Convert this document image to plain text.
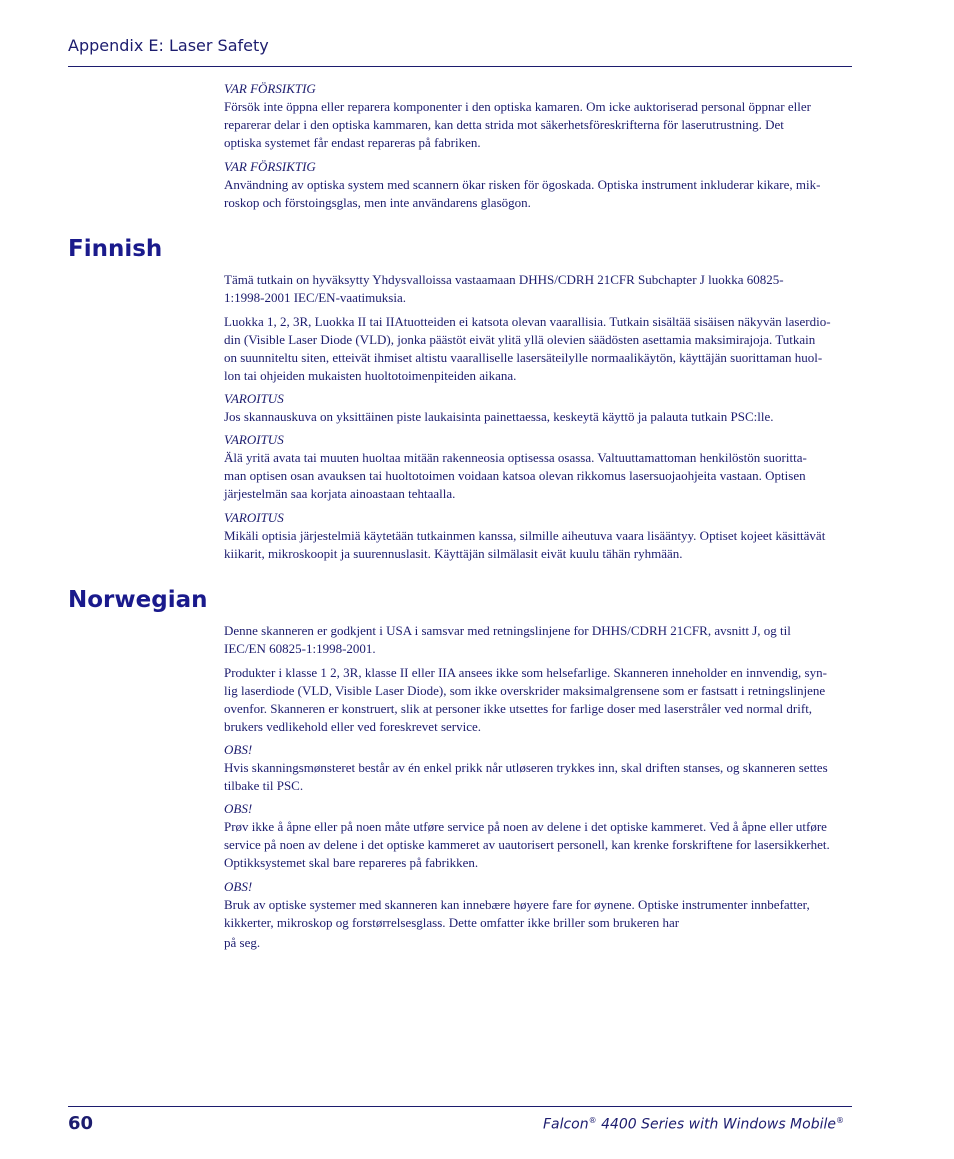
Appendix E: Laser Safety

VAR FÖRSIKTIG

Försök inte öppna eller reparera komponenter i den optiska kamaren. Om icke auktoriserad personal öppnar eller

reparerar delar i den optiska kammaren, kan detta strida mot säkerhetsföreskrifterna för laserutrustning. Det

optiska systemet får endast repareras på fabriken.

VAR FÖRSIKTIG

Användning av optiska system med scannern ökar risken för ögoskada. Optiska instrument inkluderar kikare, mik-

roskop och förstoingsglas, men inte användarens glasögon.

Finnish

Tämä tutkain on hyväksytty Yhdysvalloissa vastaamaan DHHS/CDRH 21CFR Subchapter J luokka 60825-

1:1998-2001 IEC/EN-vaatimuksia.

Luokka 1, 2, 3R, Luokka II tai IIAtuotteiden ei katsota olevan vaarallisia. Tutkain sisältää sisäisen näkyvän laserdio-

din (Visible Laser Diode (VLD), jonka päästöt eivät ylitä yllä olevien säädösten asettamia maksimirajoja. Tutkain

on suunniteltu siten, etteivät ihmiset altistu vaaralliselle lasersäteilylle normaalikäytön, käyttäjän suorittaman huol-

lon tai ohjeiden mukaisten huoltotoimenpiteiden aikana.

VAROITUS

Jos skannauskuva on yksittäinen piste laukaisinta painettaessa, keskeytä käyttö ja palauta tutkain PSC:lle.

VAROITUS

Älä yritä avata tai muuten huoltaa mitään rakenneosia optisessa osassa. Valtuuttamattoman henkilöstön suoritta-

man optisen osan avauksen tai huoltotoimen voidaan katsoa olevan rikkomus lasersuojaohjeita vastaan. Optisen

järjestelmän saa korjata ainoastaan tehtaalla.

VAROITUS

Mikäli optisia järjestelmiä käytetään tutkainmen kanssa, silmille aiheutuva vaara lisääntyy. Optiset kojeet käsittävät

kiikarit, mikroskoopit ja suurennuslasit. Käyttäjän silmälasit eivät kuulu tähän ryhmään.

Norwegian

Denne skanneren er godkjent i USA i samsvar med retningslinjene for DHHS/CDRH 21CFR, avsnitt J, og til

IEC/EN 60825-1:1998-2001.

Produkter i klasse 1 2, 3R, klasse II eller IIA ansees ikke som helsefarlige. Skanneren inneholder en innvendig, syn-

lig laserdiode (VLD, Visible Laser Diode), som ikke overskrider maksimalgrensene som er fastsatt i retningslinjene

ovenfor. Skanneren er konstruert, slik at personer ikke utsettes for farlige doser med laserstråler ved normal drift,

brukers vedlikehold eller ved foreskrevet service.

OBS!

Hvis skanningsmønsteret består av én enkel prikk når utløseren trykkes inn, skal driften stanses, og skanneren settes

tilbake til PSC.

OBS!

Prøv ikke å åpne eller på noen måte utføre service på noen av delene i det optiske kammeret. Ved å åpne eller utføre

service på noen av delene i det optiske kammeret av uautorisert personell, kan krenke forskriftene for lasersikkerhet.

Optikksystemet skal bare repareres på fabrikken.

OBS!

Bruk av optiske systemer med skanneren kan innebære høyere fare for øynene. Optiske instrumenter innbefatter,

kikkerter, mikroskop og forstørrelsesglass. Dette omfatter ikke briller som brukeren har

på seg.

60	Falcon® 4400 Series with Windows Mobile®
